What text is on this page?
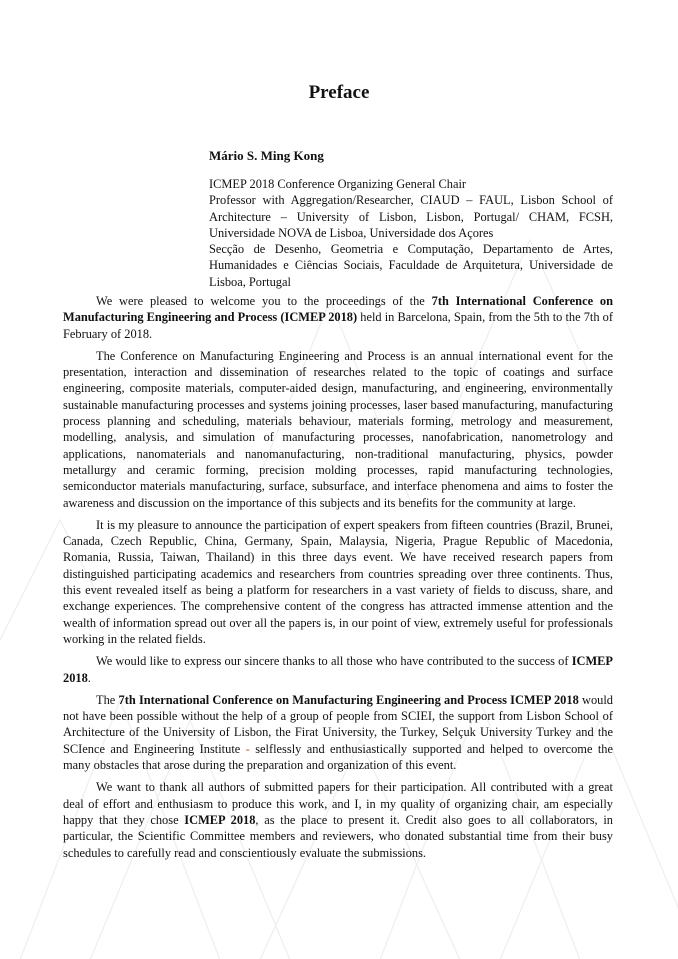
Preface
Mário S. Ming Kong
ICMEP 2018 Conference Organizing General Chair
Professor with Aggregation/Researcher, CIAUD – FAUL, Lisbon School of Architecture – University of Lisbon, Lisbon, Portugal/ CHAM, FCSH, Universidade NOVA de Lisboa, Universidade dos Açores
Secção de Desenho, Geometria e Computação, Departamento de Artes, Humanidades e Ciências Sociais, Faculdade de Arquitetura, Universidade de Lisboa, Portugal

We were pleased to welcome you to the proceedings of the 7th International Conference on Manufacturing Engineering and Process (ICMEP 2018) held in Barcelona, Spain, from the 5th to the 7th of February of 2018.

The Conference on Manufacturing Engineering and Process is an annual international event for the presentation, interaction and dissemination of researches related to the topic of coatings and surface engineering, composite materials, computer-aided design, manufacturing, and engineering, environmentally sustainable manufacturing processes and systems joining processes, laser based manufacturing, manufacturing process planning and scheduling, materials behaviour, materials forming, metrology and measurement, modelling, analysis, and simulation of manufacturing processes, nanofabrication, nanometrology and applications, nanomaterials and nanomanufacturing, non-traditional manufacturing, physics, powder metallurgy and ceramic forming, precision molding processes, rapid manufacturing technologies, semiconductor materials manufacturing, surface, subsurface, and interface phenomena and aims to foster the awareness and discussion on the importance of this subjects and its benefits for the community at large.

It is my pleasure to announce the participation of expert speakers from fifteen countries (Brazil, Brunei, Canada, Czech Republic, China, Germany, Spain, Malaysia, Nigeria, Prague Republic of Macedonia, Romania, Russia, Taiwan, Thailand) in this three days event. We have received research papers from distinguished participating academics and researchers from countries spreading over three continents. Thus, this event revealed itself as being a platform for researchers in a vast variety of fields to discuss, share, and exchange experiences. The comprehensive content of the congress has attracted immense attention and the wealth of information spread out over all the papers is, in our point of view, extremely useful for professionals working in the related fields.

We would like to express our sincere thanks to all those who have contributed to the success of ICMEP 2018.

The 7th International Conference on Manufacturing Engineering and Process ICMEP 2018 would not have been possible without the help of a group of people from SCIEI, the support from Lisbon School of Architecture of the University of Lisbon, the Firat University, the Turkey, Selçuk University Turkey and the SCIence and Engineering Institute - selflessly and enthusiastically supported and helped to overcome the many obstacles that arose during the preparation and organization of this event.

We want to thank all authors of submitted papers for their participation. All contributed with a great deal of effort and enthusiasm to produce this work, and I, in my quality of organizing chair, am especially happy that they chose ICMEP 2018, as the place to present it. Credit also goes to all collaborators, in particular, the Scientific Committee members and reviewers, who donated substantial time from their busy schedules to carefully read and conscientiously evaluate the submissions.
